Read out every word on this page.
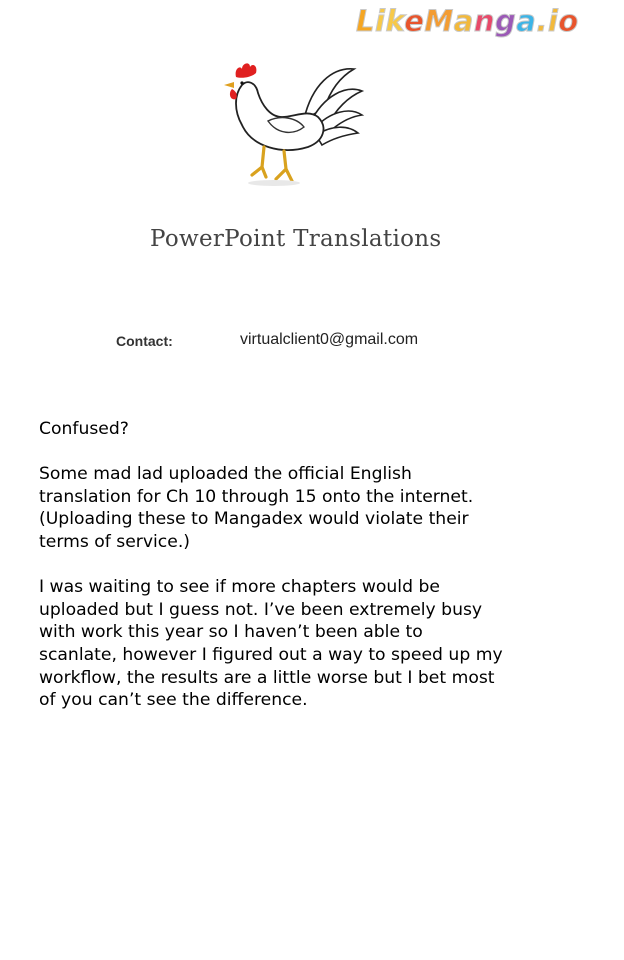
LikeManga.io
PowerPoint Translations
Contact:	virtualclient0@gmail.com

Confused?

Some mad lad uploaded the official English
translation for Ch 10 through 15 onto the internet.
(Uploading these to Mangadex would violate their
terms of service.)

I was waiting to see if more chapters would be
uploaded but I guess not. I’ve been extremely busy
with work this year so I haven’t been able to
scanlate, however I figured out a way to speed up my
workflow, the results are a little worse but I bet most
of you can’t see the difference.
